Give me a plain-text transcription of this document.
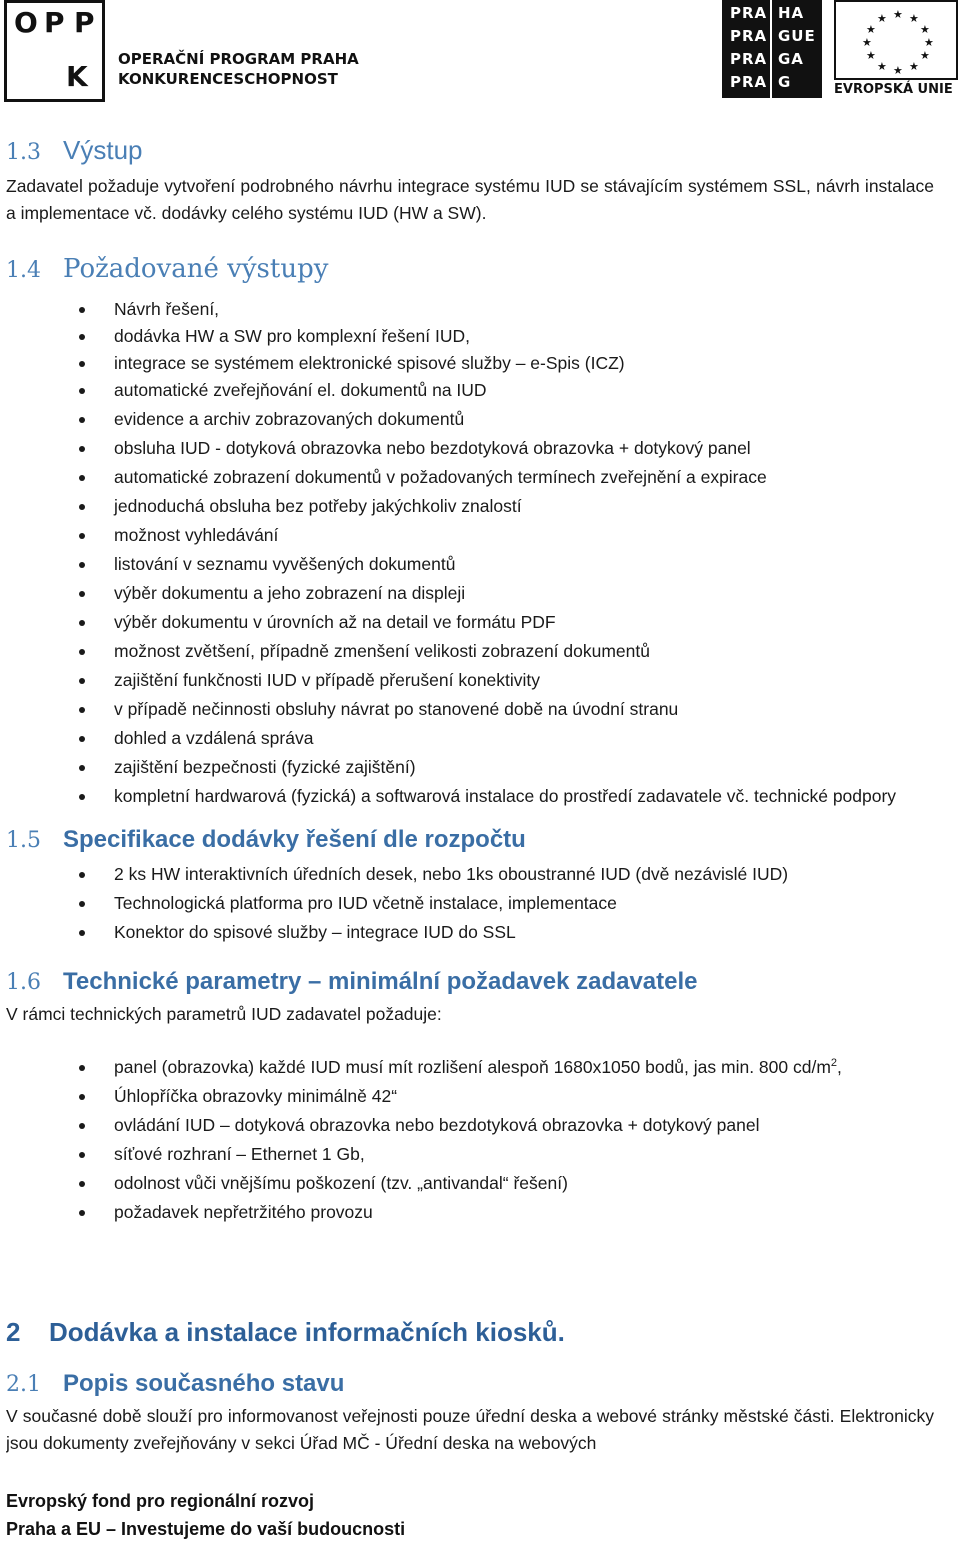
O P P
K
OPERAČNÍ PROGRAM PRAHA
KONKURENCESCHOPNOST
PRA HA
PRA GUE
PRA GA
PRA G
★ ★
★
★
★
★
★
★
★
★
★
★
EVROPSKÁ UNIE
1.3 Výstup

Zadavatel požaduje vytvoření podrobného návrhu integrace systému IUD se stávajícím systémem SSL, návrh instalace a implementace vč. dodávky celého systému IUD (HW a SW).

1.4 Požadované výstupy
Návrh řešení,
dodávka HW a SW pro komplexní řešení IUD,
integrace se systémem elektronické spisové služby – e-Spis (ICZ)
automatické zveřejňování el. dokumentů na IUD
evidence a archiv zobrazovaných dokumentů
obsluha IUD - dotyková obrazovka nebo bezdotyková obrazovka + dotykový panel
automatické zobrazení dokumentů v požadovaných termínech zveřejnění a expirace
jednoduchá obsluha bez potřeby jakýchkoliv znalostí
možnost vyhledávání
listování v seznamu vyvěšených dokumentů
výběr dokumentu a jeho zobrazení na displeji
výběr dokumentu v úrovních až na detail ve formátu PDF
možnost zvětšení, případně zmenšení velikosti zobrazení dokumentů
zajištění funkčnosti IUD v případě přerušení konektivity
v případě nečinnosti obsluhy návrat po stanovené době na úvodní stranu
dohled a vzdálená správa
zajištění bezpečnosti (fyzické zajištění)
kompletní hardwarová (fyzická) a softwarová instalace do prostředí zadavatele vč. technické podpory
1.5 Specifikace dodávky řešení dle rozpočtu
2 ks HW interaktivních úředních desek, nebo 1ks oboustranné IUD (dvě nezávislé IUD)
Technologická platforma pro IUD včetně instalace, implementace
Konektor do spisové služby – integrace IUD do SSL
1.6 Technické parametry – minimální požadavek zadavatele

V rámci technických parametrů IUD zadavatel požaduje:

panel (obrazovka) každé IUD musí mít rozlišení alespoň 1680x1050 bodů, jas min. 800 $cd/m^2$,
Úhlopříčka obrazovky minimálně 42“
ovládání IUD – dotyková obrazovka nebo bezdotyková obrazovka + dotykový panel
síťové rozhraní – Ethernet 1 Gb,
odolnost vůči vnějšímu poškození (tzv. „antivandal“ řešení)
požadavek nepřetržitého provozu
2 Dodávka a instalace informačních kiosků.
2.1 Popis současného stavu

V současné době slouží pro informovanost veřejnosti pouze úřední deska a webové stránky městské části. Elektronicky jsou dokumenty zveřejňovány v sekci Úřad MČ - Úřední deska na webových

Evropský fond pro regionální rozvoj
Praha a EU – Investujeme do vaší budoucnosti
